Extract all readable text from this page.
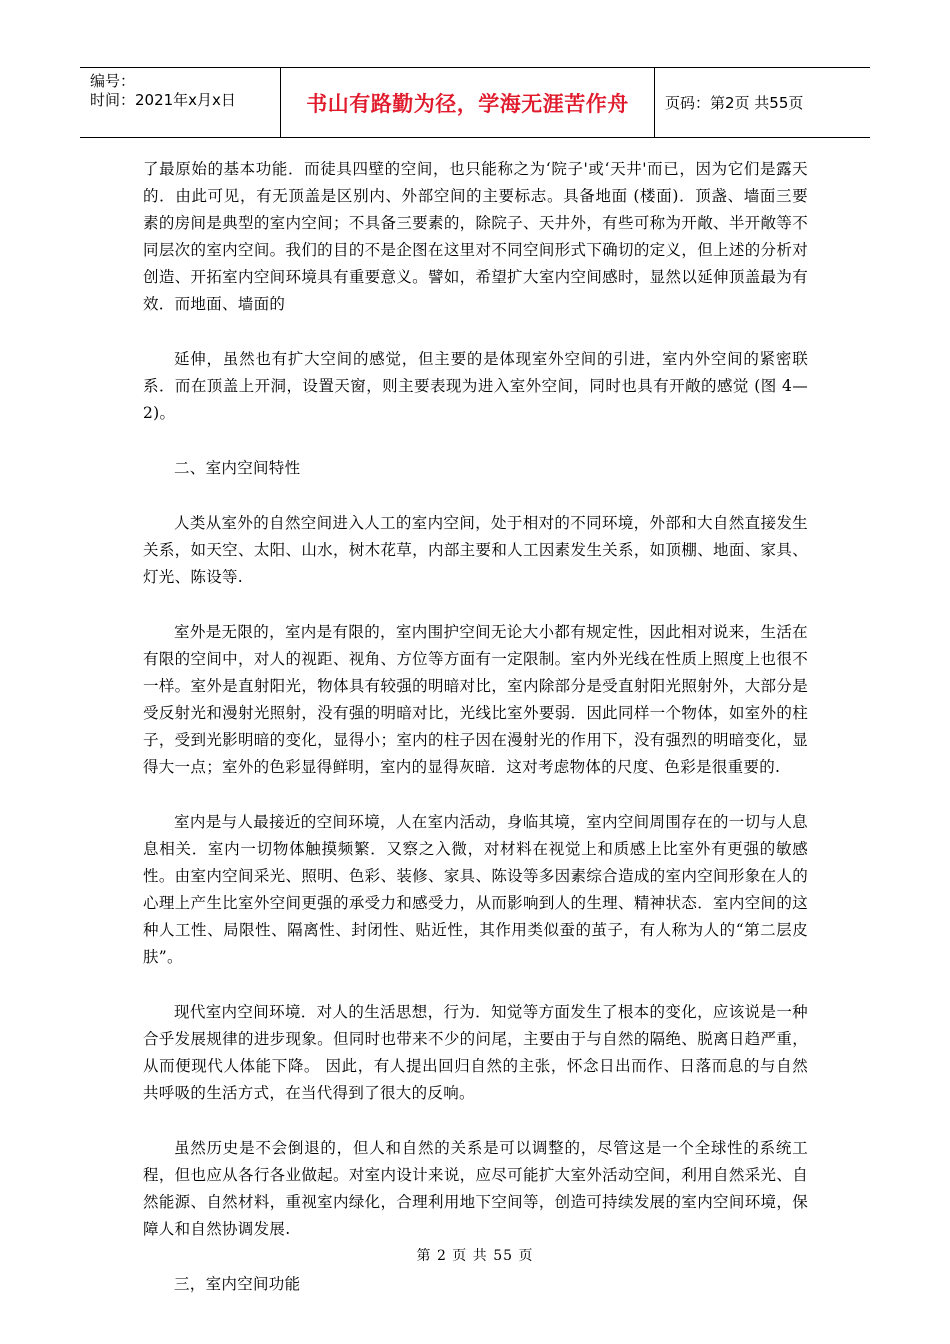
编号：
时间：2021年x月x日	书山有路勤为径，学海无涯苦作舟	页码：第2页 共55页

了最原始的基本功能．而徒具四壁的空间，也只能称之为‘院子'或‘天井'而已，因为它们是露天的．由此可见，有无顶盖是区别内、外部空间的主要标志。具备地面 (楼面)．顶盏、墙面三要素的房间是典型的室内空间；不具备三要素的，除院子、天井外，有些可称为开敞、半开敞等不同层次的室内空间。我们的目的不是企图在这里对不同空间形式下确切的定义，但上述的分析对创造、开拓室内空间环境具有重要意义。譬如，希望扩大室内空间感时，显然以延伸顶盖最为有效．而地面、墙面的

延伸，虽然也有扩大空间的感觉，但主要的是体现室外空间的引进，室内外空间的紧密联系．而在顶盖上开洞，设置天窗，则主要表现为进入室外空间，同时也具有开敞的感觉 (图 4—2)。

二、室内空间特性

人类从室外的自然空间进入人工的室内空间，处于相对的不同环境，外部和大自然直接发生关系，如天空、太阳、山水，树木花草，内部主要和人工因素发生关系，如顶棚、地面、家具、灯光、陈设等.

室外是无限的，室内是有限的，室内围护空间无论大小都有规定性，因此相对说来，生活在有限的空间中，对人的视距、视角、方位等方面有一定限制。室内外光线在性质上照度上也很不一样。室外是直射阳光，物体具有较强的明暗对比，室内除部分是受直射阳光照射外，大部分是受反射光和漫射光照射，没有强的明暗对比，光线比室外要弱．因此同样一个物体，如室外的柱子，受到光影明暗的变化，显得小；室内的柱子因在漫射光的作用下，没有强烈的明暗变化，显得大一点；室外的色彩显得鲜明，室内的显得灰暗．这对考虑物体的尺度、色彩是很重要的.

室内是与人最接近的空间环境，人在室内活动，身临其境，室内空间周围存在的一切与人息息相关．室内一切物体触摸频繁．又察之入微，对材料在视觉上和质感上比室外有更强的敏感性。由室内空间采光、照明、色彩、装修、家具、陈设等多因素综合造成的室内空间形象在人的心理上产生比室外空间更强的承受力和感受力，从而影响到人的生理、精神状态．室内空间的这种人工性、局限性、隔离性、封闭性、贴近性，其作用类似蚕的茧子，有人称为人的“第二层皮肤”。

现代室内空间环境．对人的生活思想，行为．知觉等方面发生了根本的变化，应该说是一种合乎发展规律的进步现象。但同时也带来不少的问尾，主要由于与自然的隔绝、脱离日趋严重，从而便现代人体能下降。 因此，有人提出回归自然的主张，怀念日出而作、日落而息的与自然共呼吸的生活方式，在当代得到了很大的反响。

虽然历史是不会倒退的，但人和自然的关系是可以调整的，尽管这是一个全球性的系统工程，但也应从各行各业做起。对室内设计来说，应尽可能扩大室外活动空间，利用自然采光、自然能源、自然材料，重视室内绿化，合理利用地下空间等，创造可持续发展的室内空间环境，保障人和自然协调发展.

三，室内空间功能

第 2 页 共 55 页
